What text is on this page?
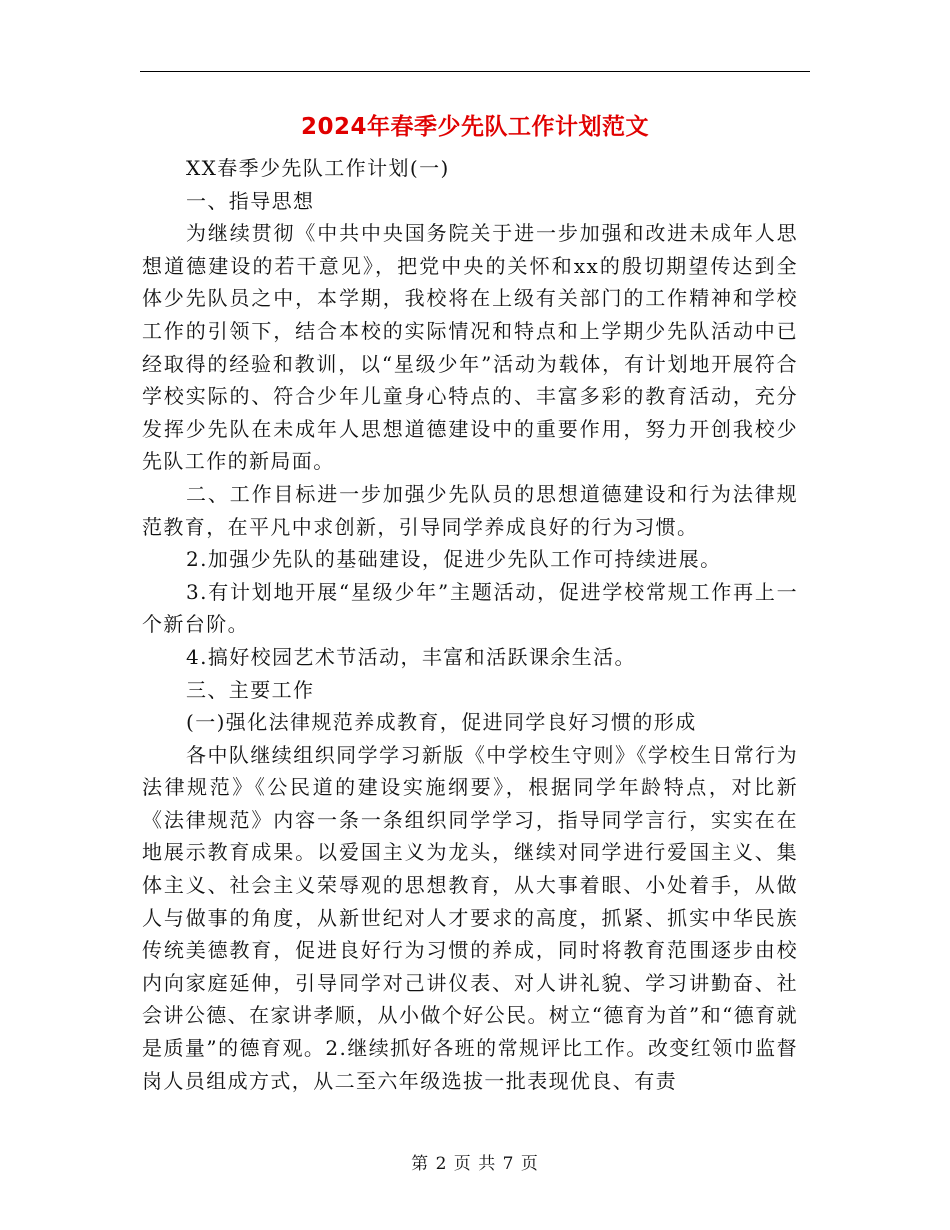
2024年春季少先队工作计划范文

XX春季少先队工作计划(一)

一、指导思想

为继续贯彻《中共中央国务院关于进一步加强和改进未成年人思想道德建设的若干意见》，把党中央的关怀和xx的殷切期望传达到全体少先队员之中，本学期，我校将在上级有关部门的工作精神和学校工作的引领下，结合本校的实际情况和特点和上学期少先队活动中已经取得的经验和教训，以“星级少年”活动为载体，有计划地开展符合学校实际的、符合少年儿童身心特点的、丰富多彩的教育活动，充分发挥少先队在未成年人思想道德建设中的重要作用，努力开创我校少先队工作的新局面。

二、工作目标进一步加强少先队员的思想道德建设和行为法律规范教育，在平凡中求创新，引导同学养成良好的行为习惯。

2.加强少先队的基础建设，促进少先队工作可持续进展。

3.有计划地开展“星级少年”主题活动，促进学校常规工作再上一个新台阶。

4.搞好校园艺术节活动，丰富和活跃课余生活。

三、主要工作

(一)强化法律规范养成教育，促进同学良好习惯的形成

各中队继续组织同学学习新版《中学校生守则》《学校生日常行为法律规范》《公民道的建设实施纲要》，根据同学年龄特点，对比新《法律规范》内容一条一条组织同学学习，指导同学言行，实实在在地展示教育成果。以爱国主义为龙头，继续对同学进行爱国主义、集体主义、社会主义荣辱观的思想教育，从大事着眼、小处着手，从做人与做事的角度，从新世纪对人才要求的高度，抓紧、抓实中华民族传统美德教育，促进良好行为习惯的养成，同时将教育范围逐步由校内向家庭延伸，引导同学对己讲仪表、对人讲礼貌、学习讲勤奋、社会讲公德、在家讲孝顺，从小做个好公民。树立“德育为首”和“德育就是质量”的德育观。2.继续抓好各班的常规评比工作。改变红领巾监督岗人员组成方式，从二至六年级选拔一批表现优良、有责

第 2 页 共 7 页
